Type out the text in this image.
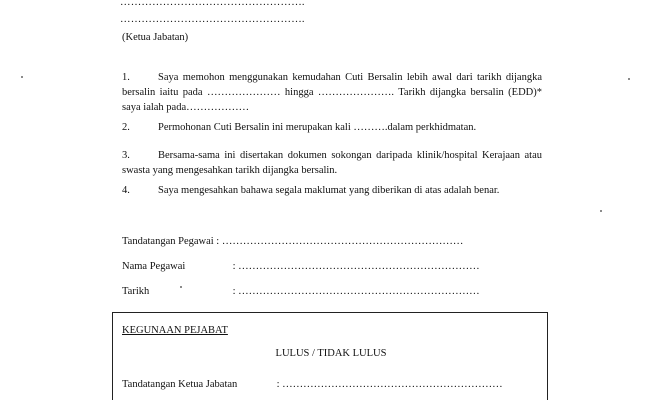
…………………………………………….
…………………………………………….
(Ketua Jabatan)
1.	Saya memohon menggunakan kemudahan Cuti Bersalin lebih awal dari tarikh dijangka bersalin iaitu pada ………………… hingga …………………. Tarikh dijangka bersalin (EDD)* saya ialah pada………………
2.	Permohonan Cuti Bersalin ini merupakan kali ……….dalam perkhidmatan.
3.	Bersama-sama ini disertakan dokumen sokongan daripada klinik/hospital Kerajaan atau swasta yang mengesahkan tarikh dijangka bersalin.
4.	Saya mengesahkan bahawa segala maklumat yang diberikan di atas adalah benar.
Tandatangan Pegawai : ……………………………………………………………
Nama Pegawai	: ……………………………………………………………
Tarikh	: ……………………………………………………………
KEGUNAAN PEJABAT
LULUS / TIDAK LULUS
Tandatangan Ketua Jabatan	: ………………………………………………………
